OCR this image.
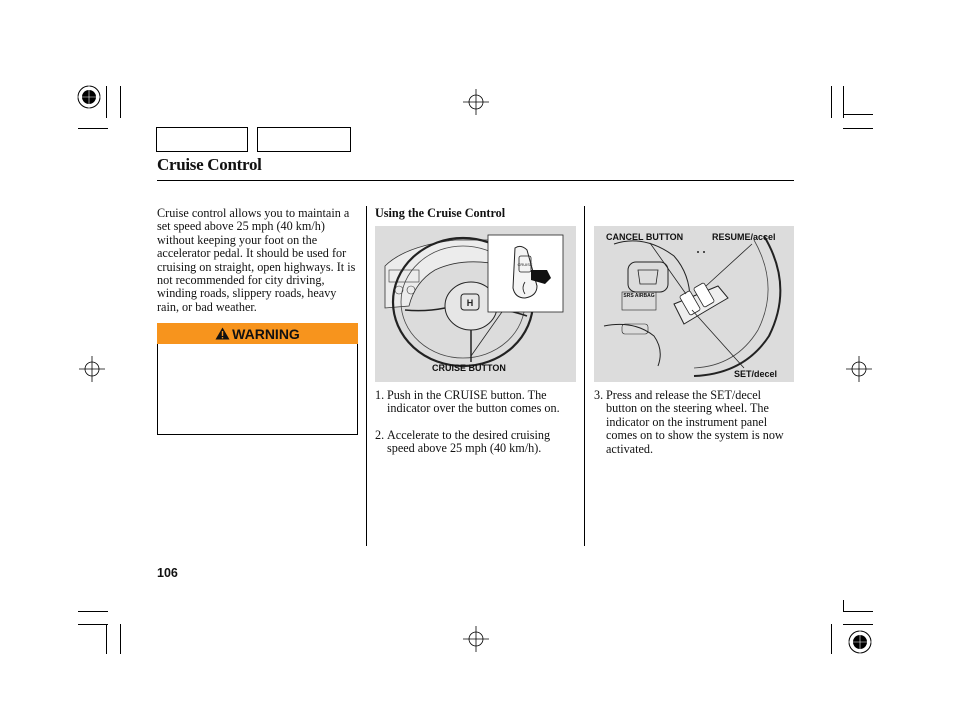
Cruise Control
Cruise control allows you to maintain a set speed above 25 mph (40 km/h) without keeping your foot on the accelerator pedal. It should be used for cruising on straight, open highways. It is not recommended for city driving, winding roads, slippery roads, heavy rain, or bad weather.
WARNING
Using the Cruise Control
H
CRUISE
CRUISE BUTTON
1. Push in the CRUISE button. The indicator over the button comes on.
2. Accelerate to the desired cruising speed above 25 mph (40 km/h).
CANCEL BUTTON	RESUME/accel
SRS AIRBAG
SET/decel
3. Press and release the SET/decel button on the steering wheel. The indicator on the instrument panel comes on to show the system is now activated.
106
